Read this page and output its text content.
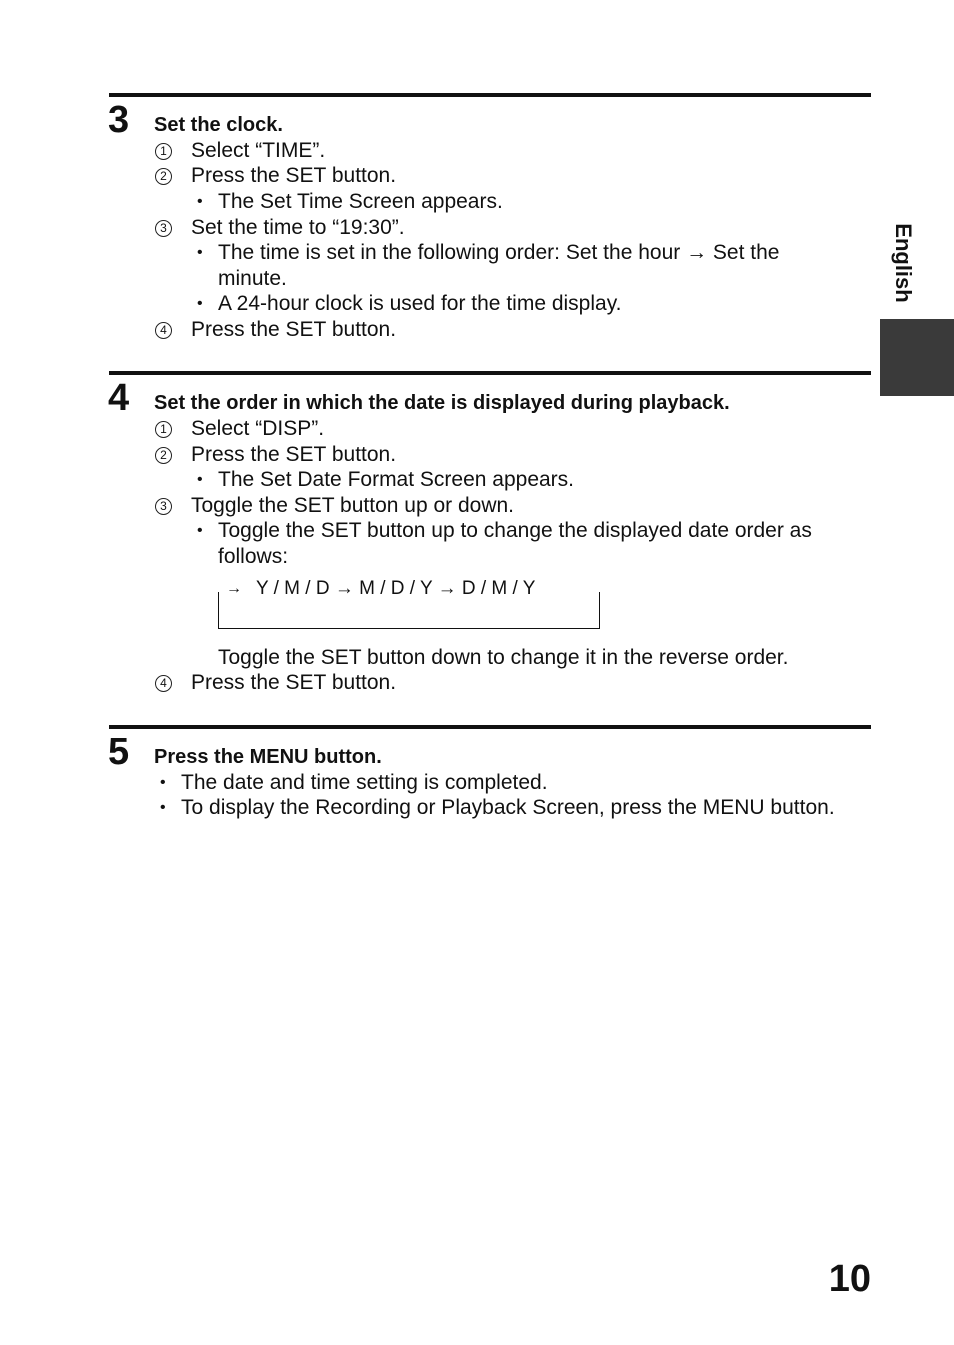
English
3 Set the clock.
1 Select “TIME”.
2 Press the SET button.
• The Set Time Screen appears.
3 Set the time to “19:30”.
• The time is set in the following order: Set the hour → Set the
minute.
• A 24-hour clock is used for the time display.
4 Press the SET button.
4 Set the order in which the date is displayed during playback.
1 Select “DISP”.
2 Press the SET button.
• The Set Date Format Screen appears.
3 Toggle the SET button up or down.
• Toggle the SET button up to change the displayed date order as
follows:
→ Y / M / D → M / D / Y → D / M / Y
Toggle the SET button down to change it in the reverse order.
4 Press the SET button.
5 Press the MENU button.
• The date and time setting is completed.
• To display the Recording or Playback Screen, press the MENU button.
10
